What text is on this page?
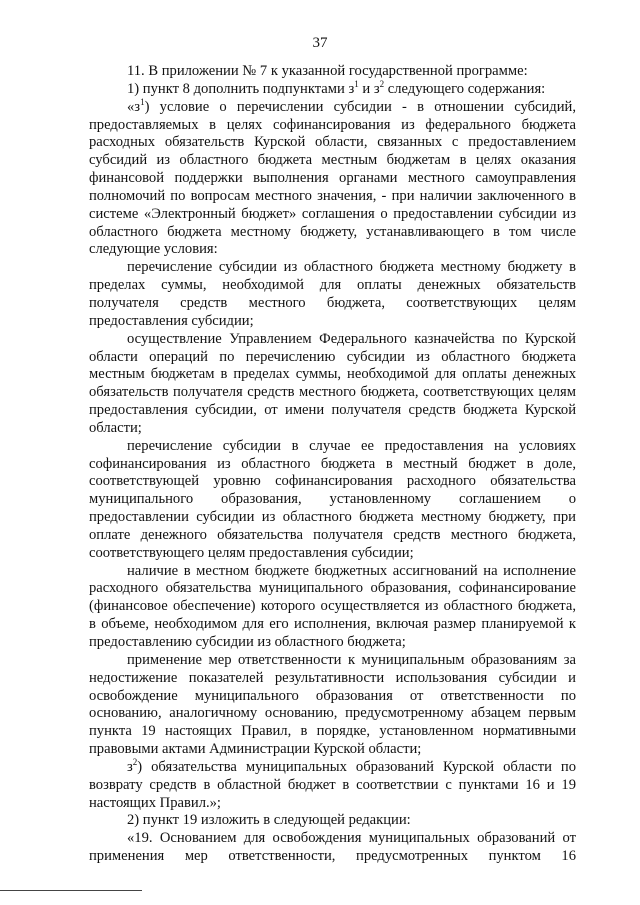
37

11. В приложении № 7 к указанной государственной программе:

1) пункт 8 дополнить подпунктами $з^1$ и $з^2$ следующего содержания:

«$з^1$) условие о перечислении субсидии - в отношении субсидий, предоставляемых в целях софинансирования из федерального бюджета расходных обязательств Курской области, связанных с предоставлением субсидий из областного бюджета местным бюджетам в целях оказания финансовой поддержки выполнения органами местного самоуправления полномочий по вопросам местного значения, - при наличии заключенного в системе «Электронный бюджет» соглашения о предоставлении субсидии из областного бюджета местному бюджету, устанавливающего в том числе следующие условия:

перечисление субсидии из областного бюджета местному бюджету в пределах суммы, необходимой для оплаты денежных обязательств получателя средств местного бюджета, соответствующих целям предоставления субсидии;

осуществление Управлением Федерального казначейства по Курской области операций по перечислению субсидии из областного бюджета местным бюджетам в пределах суммы, необходимой для оплаты денежных обязательств получателя средств местного бюджета, соответствующих целям предоставления субсидии, от имени получателя средств бюджета Курской области;

перечисление субсидии в случае ее предоставления на условиях софинансирования из областного бюджета в местный бюджет в доле, соответствующей уровню софинансирования расходного обязательства муниципального образования, установленному соглашением о предоставлении субсидии из областного бюджета местному бюджету, при оплате денежного обязательства получателя средств местного бюджета, соответствующего целям предоставления субсидии;

наличие в местном бюджете бюджетных ассигнований на исполнение расходного обязательства муниципального образования, софинансирование (финансовое обеспечение) которого осуществляется из областного бюджета, в объеме, необходимом для его исполнения, включая размер планируемой к предоставлению субсидии из областного бюджета;

применение мер ответственности к муниципальным образованиям за недостижение показателей результативности использования субсидии и освобождение муниципального образования от ответственности по основанию, аналогичному основанию, предусмотренному абзацем первым пункта 19 настоящих Правил, в порядке, установленном нормативными правовыми актами Администрации Курской области;

$з^2$) обязательства муниципальных образований Курской области по возврату средств в областной бюджет в соответствии с пунктами 16 и 19 настоящих Правил.»;

2) пункт 19 изложить в следующей редакции:

«19. Основанием для освобождения муниципальных образований от применения мер ответственности, предусмотренных пунктом 16
